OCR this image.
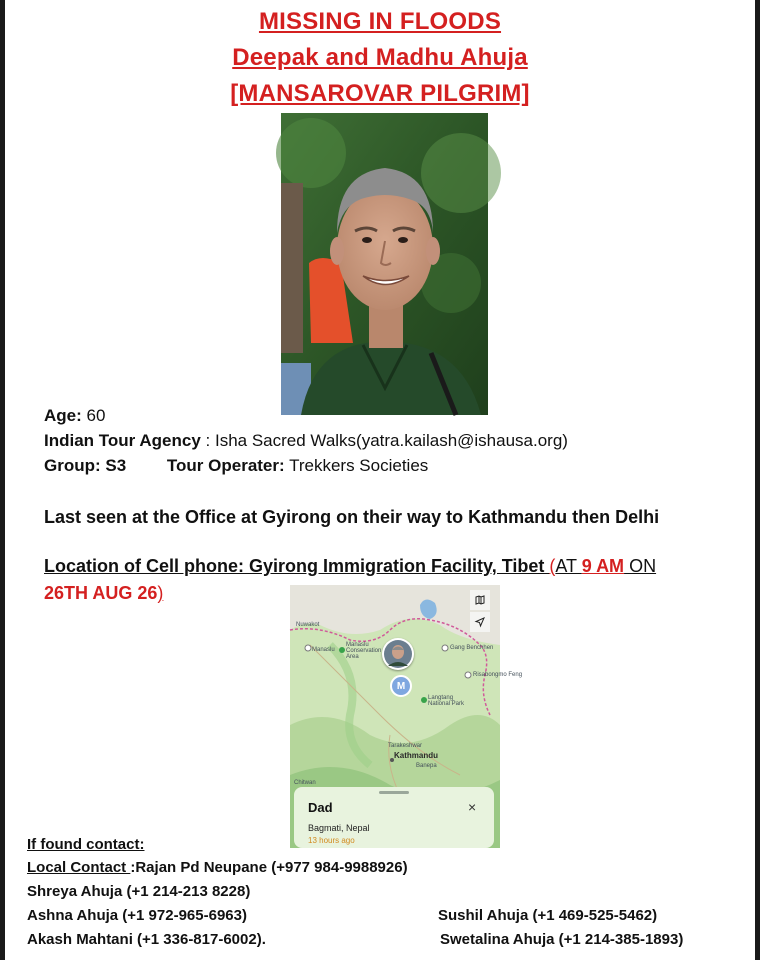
MISSING IN FLOODS
Deepak and Madhu Ahuja
[MANSAROVAR PILGRIM]
Age: 60
Indian Tour Agency : Isha Sacred Walks(yatra.kailash@ishausa.org)
Group: S3 Tour Operater: Trekkers Societies
Last seen at the Office at Gyirong on their way to Kathmandu then Delhi
Location of Cell phone: Gyirong Immigration Facility, Tibet (AT 9 AM ON
26TH AUG 26)
Nuwakot
Manaslu
Manaslu Conservation Area
Gang Benchhen
Risabongmo Feng
Langtang National Park
Tarakeshwar
Kathmandu
Banepa
Chitwan
M
Dad
Bagmati, Nepal
13 hours ago
×
If found contact:
Local Contact :Rajan Pd Neupane (+977 984-9988926)
Shreya Ahuja (+1 214-213 8228)
Ashna Ahuja (+1 972-965-6963)
Akash Mahtani (+1 336-817-6002).
Sushil Ahuja (+1 469-525-5462)
Swetalina Ahuja (+1 214-385-1893)
